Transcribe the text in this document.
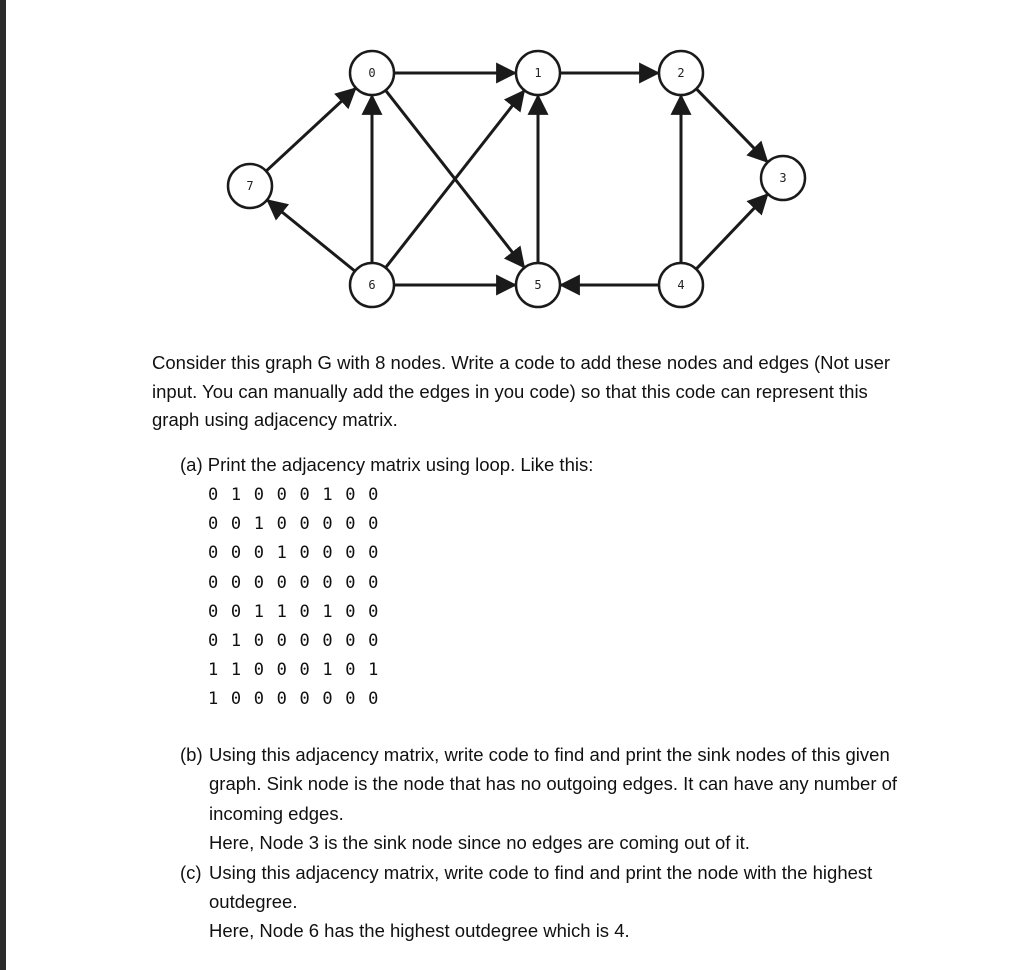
0	1	2
3
4
5
6
7

Consider this graph G with 8 nodes. Write a code to add these nodes and edges (Not user input. You can manually add the edges in you code) so that this code can represent this graph using adjacency matrix.

(a) Print the adjacency matrix using loop. Like this:
0 1 0 0 0 1 0 0
0 0 1 0 0 0 0 0
0 0 0 1 0 0 0 0
0 0 0 0 0 0 0 0
0 0 1 1 0 1 0 0
0 1 0 0 0 0 0 0
1 1 0 0 0 1 0 1
1 0 0 0 0 0 0 0
(b) Using this adjacency matrix, write code to find and print the sink nodes of this given graph. Sink node is the node that has no outgoing edges. It can have any number of incoming edges.

Here, Node 3 is the sink node since no edges are coming out of it.

(c) Using this adjacency matrix, write code to find and print the node with the highest outdegree.

Here, Node 6 has the highest outdegree which is 4.
